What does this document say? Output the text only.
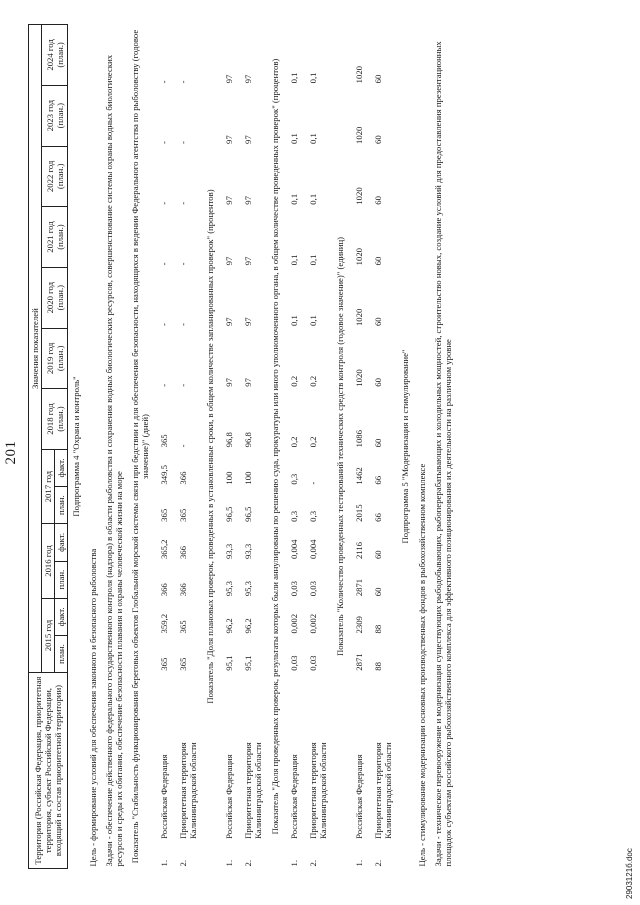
201
Территория (Российская Федерация, приоритетная территория, субъект Российской Федерации, входящий в состав приоритетной территории)		Значения показателей												
		2015 год		2016 год		2017 год		2018 год (план.)	2019 год (план.)	2020 год (план.)	2021 год (план.)	2022 год (план.)	2023 год (план.)	2024 год (план.)
		план.	факт.	план.	факт.	план.	факт.							
Подпрограмма 4 "Охрана и контроль"														
Цель - формирование условий для обеспечения законного и безопасного рыболовства														
Задачи - обеспечение действенного федерального государственного контроля (надзора) в области рыболовства и сохранения водных биологических ресурсов, совершенствование системы охраны водных биологических ресурсов и среды их обитания, обеспечение безопасности плавания и охраны человеческой жизни на море														
Показатель "Стабильность функционирования береговых объектов Глобальной морской системы связи при бедствии и для обеспечения безопасности, находящихся в ведении Федерального агентства по рыболовству (годовое значение)" (дней)														
1.	Российская Федерация	365	359,2	366	365,2	365	349,5	365	-	-	-	-	-	-
2.	Приоритетная территория Калининградской области	365	365	366	366	365	366	-	-	-	-	-	-	-
Показатель "Доля плановых проверок, проведенных в установленные сроки, в общем количестве запланированных проверок" (процентов)														
1.	Российская Федерация	95,1	96,2	95,3	93,3	96,5	100	96,8	97	97	97	97	97	97
2.	Приоритетная территория Калининградской области	95,1	96,2	95,3	93,3	96,5	100	96,8	97	97	97	97	97	97
Показатель "Доля проведенных проверок, результаты которых были аннулированы по решению суда, прокуратуры или иного уполномоченного органа, в общем количестве проведенных проверок" (процентов)														
1.	Российская Федерация	0,03	0,002	0,03	0,004	0,3	0,3	0,2	0,2	0,1	0,1	0,1	0,1	0,1
2.	Приоритетная территория Калининградской области	0,03	0,002	0,03	0,004	0,3	-	0,2	0,2	0,1	0,1	0,1	0,1	0,1
Показатель "Количество проведенных тестирований технических средств контроля (годовое значение)" (единиц)														
1.	Российская Федерация	2871	2309	2871	2116	2015	1462	1086	1020	1020	1020	1020	1020	1020
2.	Приоритетная территория Калининградской области	88	88	60	60	66	66	60	60	60	60	60	60	60
Подпрограмма 5 "Модернизация и стимулирование"														
Цель - стимулирование модернизации основных производственных фондов в рыбохозяйственном комплексе														
Задачи - техническое перевооружение и модернизация существующих рыбодобывающих, рыбоперерабатывающих и холодильных мощностей, строительство новых, создание условий для предоставления презентационных площадок субъектам российского рыбохозяйственного комплекса для эффективного позиционирования их деятельности на различном уровне														
2903121б.doc
